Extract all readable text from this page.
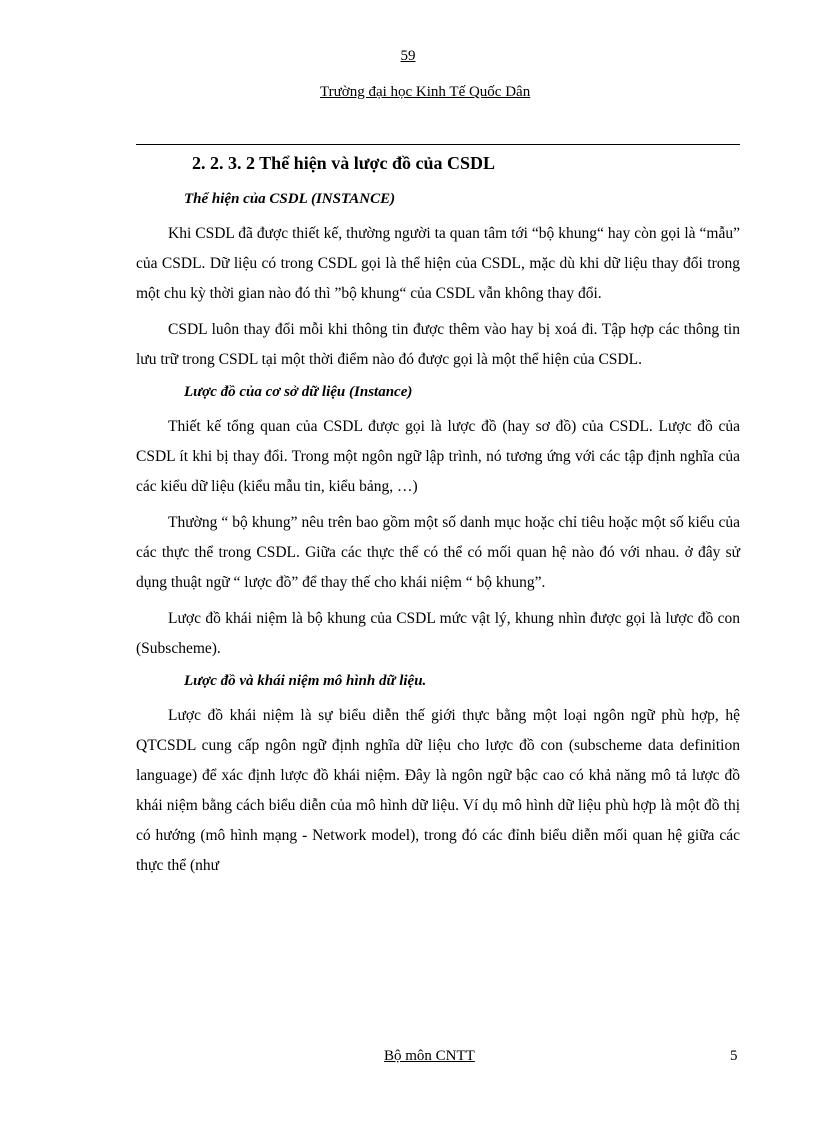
59
Trường đại học Kinh Tế Quốc Dân
2. 2. 3. 2 Thể hiện và lược đồ của CSDL
Thể hiện của CSDL (INSTANCE)

Khi CSDL đã được thiết kế, thường người ta quan tâm tới “bộ khung“ hay còn gọi là “mẫu” của CSDL. Dữ liệu có trong CSDL gọi là thể hiện của CSDL, mặc dù khi dữ liệu thay đổi trong một chu kỳ thời gian nào đó thì ”bộ khung“ của CSDL vẫn không thay đổi.

CSDL luôn thay đổi mỗi khi thông tin được thêm vào hay bị xoá đi. Tập hợp các thông tin lưu trữ trong CSDL tại một thời điểm nào đó được gọi là một thể hiện của CSDL.

Lược đồ của cơ sở dữ liệu (Instance)

Thiết kế tổng quan của CSDL được gọi là lược đồ (hay sơ đồ) của CSDL. Lược đồ của CSDL ít khi bị thay đổi. Trong một ngôn ngữ lập trình, nó tương ứng với các tập định nghĩa của các kiểu dữ liệu (kiểu mẫu tin, kiểu bảng, …)

Thường “ bộ khung” nêu trên bao gồm một số danh mục hoặc chỉ tiêu hoặc một số kiểu của các thực thể trong CSDL. Giữa các thực thể có thể có mối quan hệ nào đó với nhau. ở đây sử dụng thuật ngữ “ lược đồ” để thay thế cho khái niệm “ bộ khung”.

Lược đồ khái niệm là bộ khung của CSDL mức vật lý, khung nhìn được gọi là lược đồ con (Subscheme).

Lược đồ và khái niệm mô hình dữ liệu.

Lược đồ khái niệm là sự biểu diễn thế giới thực bằng một loại ngôn ngữ phù hợp, hệ QTCSDL cung cấp ngôn ngữ định nghĩa dữ liệu cho lược đồ con (subscheme data definition language) để xác định lược đồ khái niệm. Đây là ngôn ngữ bậc cao có khả năng mô tả lược đồ khái niệm bằng cách biểu diễn của mô hình dữ liệu. Ví dụ mô hình dữ liệu phù hợp là một đồ thị có hướng (mô hình mạng - Network model), trong đó các đỉnh biểu diễn mối quan hệ giữa các thực thể (như

Bộ môn CNTT	5
